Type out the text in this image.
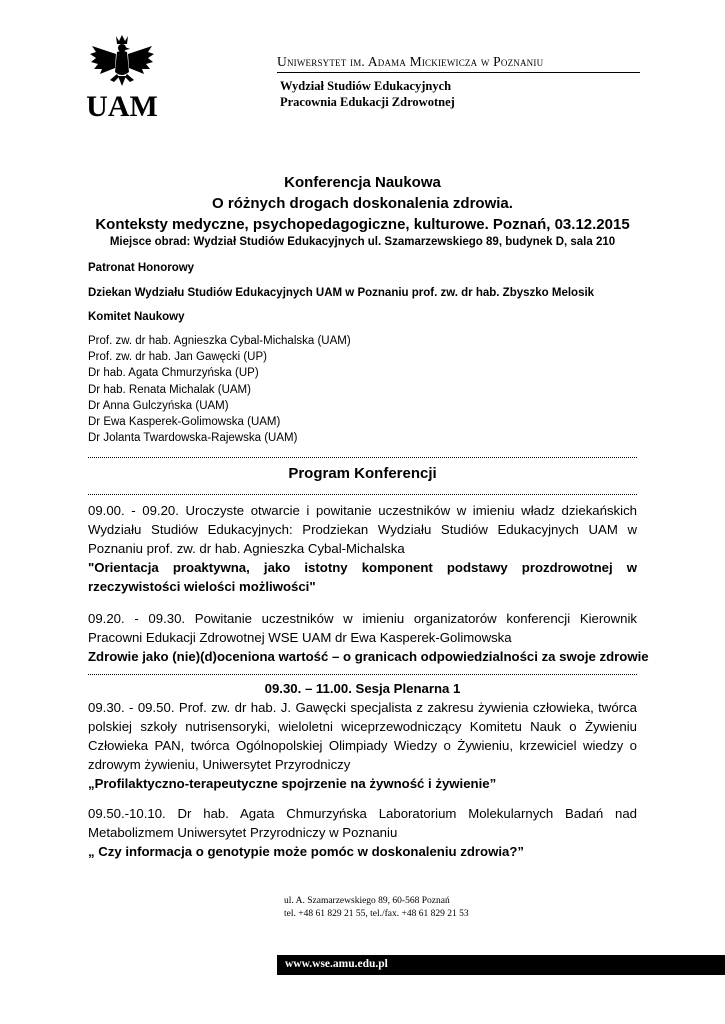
UAM
Uniwersytet im. Adama Mickiewicza w Poznaniu
Wydział Studiów Edukacyjnych
Pracownia Edukacji Zdrowotnej
Konferencja Naukowa
O różnych drogach doskonalenia zdrowia.
Konteksty medyczne, psychopedagogiczne, kulturowe. Poznań, 03.12.2015
Miejsce obrad: Wydział Studiów Edukacyjnych ul. Szamarzewskiego 89, budynek D, sala 210
Patronat Honorowy
Dziekan Wydziału Studiów Edukacyjnych UAM w Poznaniu prof. zw. dr hab. Zbyszko Melosik
Komitet Naukowy
Prof. zw. dr hab. Agnieszka Cybal-Michalska (UAM)
Prof. zw. dr hab. Jan Gawęcki (UP)
Dr hab. Agata Chmurzyńska (UP)
Dr hab. Renata Michalak (UAM)
Dr Anna Gulczyńska (UAM)
Dr Ewa Kasperek-Golimowska (UAM)
Dr Jolanta Twardowska-Rajewska (UAM)
Program Konferencji
09.00. - 09.20. Uroczyste otwarcie i powitanie uczestników w imieniu władz dziekańskich Wydziału Studiów Edukacyjnych: Prodziekan Wydziału Studiów Edukacyjnych UAM w Poznaniu prof. zw. dr hab. Agnieszka Cybal-Michalska
"Orientacja proaktywna, jako istotny komponent podstawy prozdrowotnej w rzeczywistości wielości możliwości"
09.20. - 09.30. Powitanie uczestników w imieniu organizatorów konferencji Kierownik Pracowni Edukacji Zdrowotnej WSE UAM dr Ewa Kasperek-Golimowska
Zdrowie jako (nie)(d)oceniona wartość – o granicach odpowiedzialności za swoje zdrowie
09.30. – 11.00. Sesja Plenarna 1
09.30. - 09.50. Prof. zw. dr hab. J. Gawęcki specjalista z zakresu żywienia człowieka, twórca polskiej szkoły nutrisensoryki, wieloletni wiceprzewodniczący Komitetu Nauk o Żywieniu Człowieka PAN, twórca Ogólnopolskiej Olimpiady Wiedzy o Żywieniu, krzewiciel wiedzy o zdrowym żywieniu, Uniwersytet Przyrodniczy
„Profilaktyczno-terapeutyczne spojrzenie na żywność i żywienie”
09.50.-10.10. Dr hab. Agata Chmurzyńska Laboratorium Molekularnych Badań nad Metabolizmem Uniwersytet Przyrodniczy w Poznaniu
„ Czy informacja o genotypie może pomóc w doskonaleniu zdrowia?”
ul. A. Szamarzewskiego 89, 60-568 Poznań
tel. +48 61 829 21 55, tel./fax. +48 61 829 21 53
www.wse.amu.edu.pl
